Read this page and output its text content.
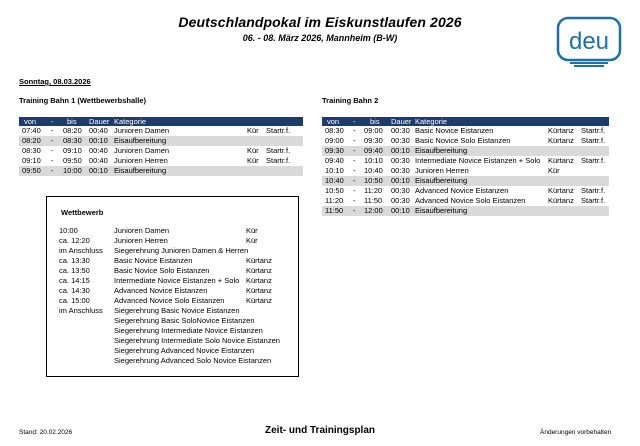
Deutschlandpokal im Eiskunstlaufen 2026
06. - 08. März 2026, Mannheim (B-W)	deu
Sonntag, 08.03.2026
Training Bahn 1 (Wettbewerbshalle)	Training Bahn 2
von - bis Dauer Kategorie
07:40 - 08:20 00:40 Junioren Damen	Kür Startr.f.
08:20 - 08:30 00:10 Eisaufbereitung
08:30 - 09:10 00:40 Junioren Damen	Kür Startr.f.
09:10 - 09:50 00:40 Junioren Herren	Kür Startr.f.
09:50 - 10:00 00:10 Eisaufbereitung
von - bis Dauer Kategorie
08:30 - 09:00 00:30 Basic Novice Eistanzen	Kürtanz Startr.f.
09:00 - 09:30 00:30 Basic Novice Solo Eistanzen	Kürtanz Startr.f.
09:30 - 09:40 00:10 Eisaufbereitung
09:40 - 10:10 00:30 Intermediate Novice Eistanzen + Solo Kürtanz Startr.f.
10:10 - 10:40 00:30 Junioren Herren	Kür
10:40 - 10:50 00:10 Eisaufbereitung
10:50 - 11:20 00:30 Advanced Novice Eistanzen	Kürtanz Startr.f.
11:20 - 11:50 00:30 Advanced Novice Solo Eistanzen	Kürtanz Startr.f.
11:50 - 12:00 00:10 Eisaufbereitung
Wettbewerb
10:00	Junioren Damen	Kür
ca. 12:20	Junioren Herren	Kür
im Anschluss Siegerehrung Junioren Damen & Herren
ca. 13:30	Basic Novice Eistanzen	Kürtanz
ca. 13:50	Basic Novice Solo Eistanzen	Kürtanz
ca. 14:15	Intermediate Novice Eistanzen + Solo Kürtanz
ca. 14:30	Advanced Novice Eistanzen	Kürtanz
ca. 15:00	Advanced Novice Solo Eistanzen	Kürtanz
im Anschluss Siegerehrung Basic Novice Eistanzen
Siegerehrung Basic SoloNovice Eistanzen
Siegerehrung Intermediate Novice Eistanzen
Siegerehrung Intermediate Solo Novice Eistanzen
Siegerehrung Advanced Novice Eistanzen
Siegerehrung Advanced Solo Novice Eistanzen
Stand: 20.02.2026	Zeit- und Trainingsplan	Änderungen vorbehalten
